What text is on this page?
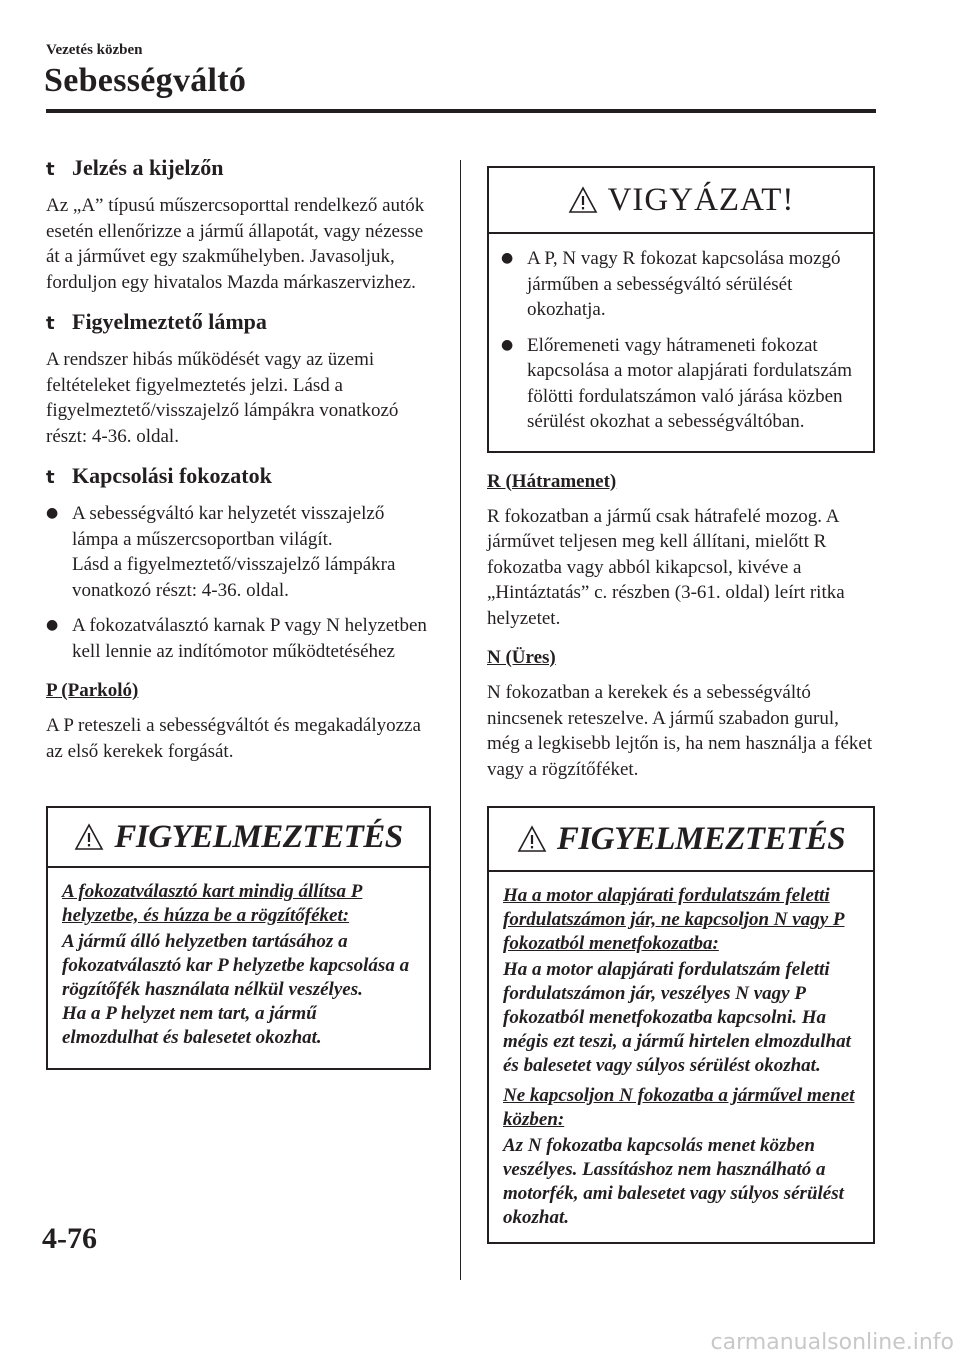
Vezetés közben
Sebességváltó
t Jelzés a kijelzőn

Az „A” típusú műszercsoporttal rendelkező autók esetén ellenőrizze a jármű állapotát, vagy nézesse át a járművet egy szakműhelyben. Javasoljuk, forduljon egy hivatalos Mazda márkaszervizhez.

t Figyelmeztető lámpa

A rendszer hibás működését vagy az üzemi feltételeket figyelmeztetés jelzi. Lásd a figyelmeztető/visszajelző lámpákra vonatkozó részt: 4-36. oldal.

t Kapcsolási fokozatok
● A sebességváltó kar helyzetét visszajelző lámpa a műszercsoportban világít.
Lásd a figyelmeztető/visszajelző lámpákra vonatkozó részt: 4-36. oldal.
● A fokozatválasztó karnak P vagy N helyzetben kell lennie az indítómotor működtetéséhez
P (Parkoló)

A P reteszeli a sebességváltót és megakadályozza az első kerekek forgását.

FIGYELMEZTETÉS
A fokozatválasztó kart mindig állítsa P helyzetbe, és húzza be a rögzítőféket:
A jármű álló helyzetben tartásához a fokozatválasztó kar P helyzetbe kapcsolása a rögzítőfék használata nélkül veszélyes.
Ha a P helyzet nem tart, a jármű elmozdulhat és balesetet okozhat.
VIGYÁZAT!
● A P, N vagy R fokozat kapcsolása mozgó járműben a sebességváltó sérülését okozhatja.
● Előremeneti vagy hátrameneti fokozat kapcsolása a motor alapjárati fordulatszám fölötti fordulatszámon való járása közben sérülést okozhat a sebességváltóban.
R (Hátramenet)

R fokozatban a jármű csak hátrafelé mozog. A járművet teljesen meg kell állítani, mielőtt R fokozatba vagy abból kikapcsol, kivéve a „Hintáztatás” c. részben (3-61. oldal) leírt ritka helyzetet.

N (Üres)

N fokozatban a kerekek és a sebességváltó nincsenek reteszelve. A jármű szabadon gurul, még a legkisebb lejtőn is, ha nem használja a féket vagy a rögzítőféket.

FIGYELMEZTETÉS
Ha a motor alapjárati fordulatszám feletti fordulatszámon jár, ne kapcsoljon N vagy P fokozatból menetfokozatba:
Ha a motor alapjárati fordulatszám feletti fordulatszámon jár, veszélyes N vagy P fokozatból menetfokozatba kapcsolni. Ha mégis ezt teszi, a jármű hirtelen elmozdulhat és balesetet vagy súlyos sérülést okozhat.
Ne kapcsoljon N fokozatba a járművel menet közben:
Az N fokozatba kapcsolás menet közben veszélyes. Lassításhoz nem használható a motorfék, ami balesetet vagy súlyos sérülést okozhat.
4-76
carmanualsonline.info
